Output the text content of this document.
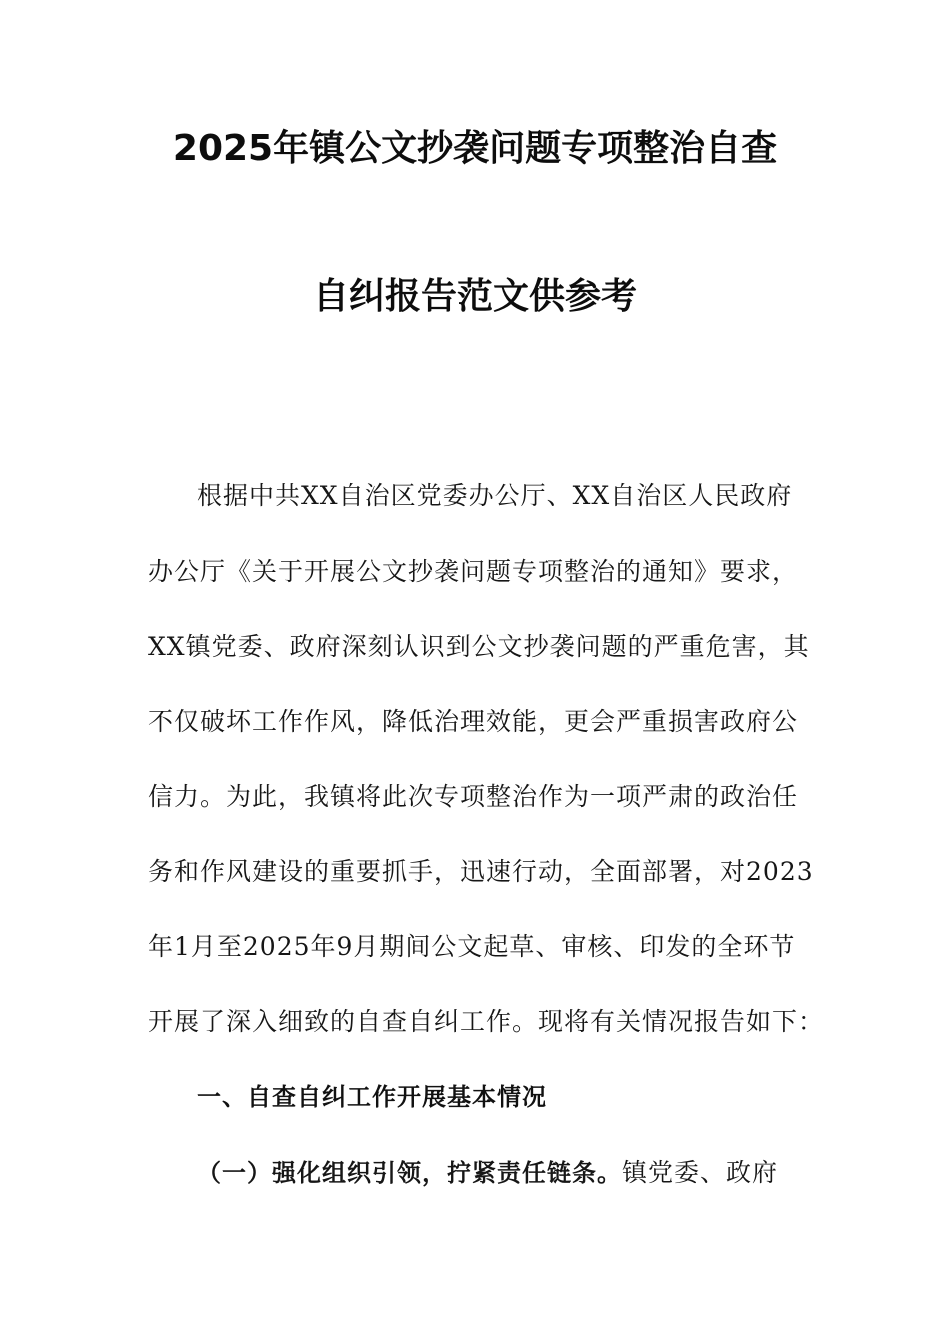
2025年镇公文抄袭问题专项整治自查
自纠报告范文供参考
根据中共XX自治区党委办公厅、XX自治区人民政府
办公厅《关于开展公文抄袭问题专项整治的通知》要求，
XX镇党委、政府深刻认识到公文抄袭问题的严重危害，其
不仅破坏工作作风，降低治理效能，更会严重损害政府公
信力。为此，我镇将此次专项整治作为一项严肃的政治任
务和作风建设的重要抓手，迅速行动，全面部署，对2023
年1月至2025年9月期间公文起草、审核、印发的全环节
开展了深入细致的自查自纠工作。现将有关情况报告如下：
一、自查自纠工作开展基本情况
（一）强化组织引领，拧紧责任链条。镇党委、政府
